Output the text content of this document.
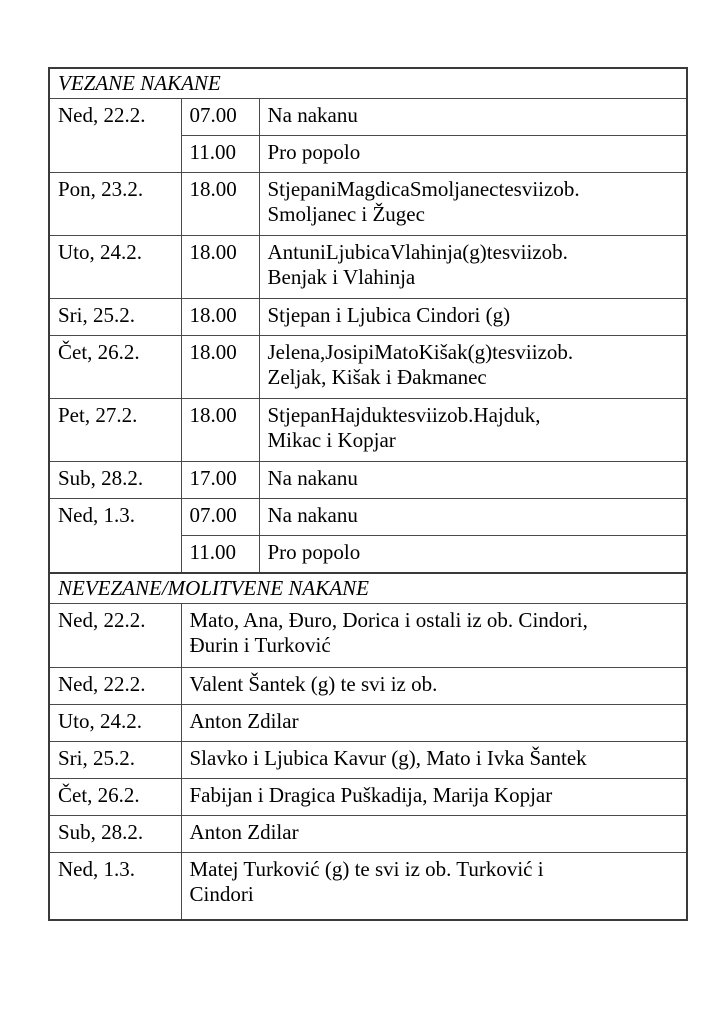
VEZANE NAKANE		
Ned, 22.2.	07.00	Na nakanu
	11.00	Pro popolo
Pon, 23.2.	18.00	StjepaniMagdicaSmoljanectesviizob.
Smoljanec i Žugec

Uto, 24.2.	18.00	AntuniLjubicaVlahinja(g)tesviizob.
Benjak i Vlahinja

Sri, 25.2.	18.00	Stjepan i Ljubica Cindori (g)
Čet, 26.2.	18.00	Jelena,JosipiMatoKišak(g)tesviizob.
Zeljak, Kišak i Đakmanec

Pet, 27.2.	18.00	StjepanHajduktesviizob.Hajduk,
Mikac i Kopjar

Sub, 28.2.	17.00	Na nakanu
Ned, 1.3.	07.00	Na nakanu
	11.00	Pro popolo
NEVEZANE/MOLITVENE NAKANE		
Ned, 22.2.	Mato, Ana, Đuro, Dorica i ostali iz ob. Cindori,
Đurin i Turković	

Ned, 22.2.	Valent Šantek (g) te svi iz ob.	
Uto, 24.2.	Anton Zdilar	
Sri, 25.2.	Slavko i Ljubica Kavur (g), Mato i Ivka Šantek	
Čet, 26.2.	Fabijan i Dragica Puškadija, Marija Kopjar	
Sub, 28.2.	Anton Zdilar	
Ned, 1.3.	Matej Turković (g) te svi iz ob. Turković i
Cindori	
